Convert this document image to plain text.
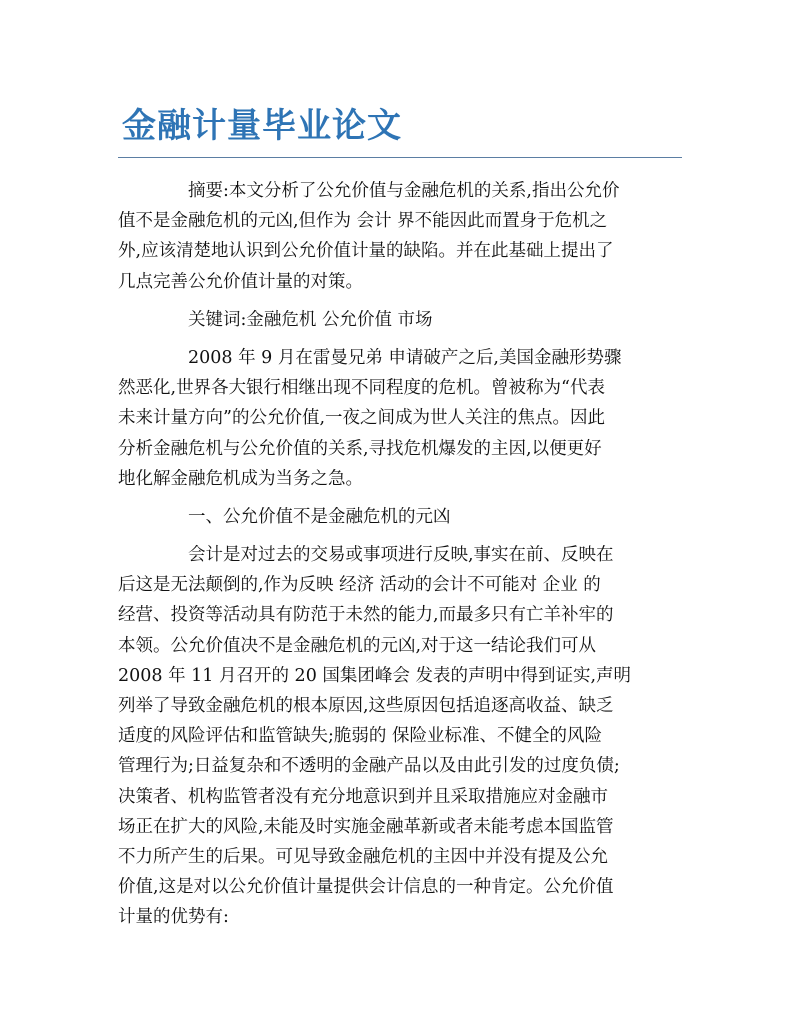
金融计量毕业论文
摘要:本文分析了公允价值与金融危机的关系,指出公允价
值不是金融危机的元凶,但作为 会计 界不能因此而置身于危机之
外,应该清楚地认识到公允价值计量的缺陷。并在此基础上提出了
几点完善公允价值计量的对策。
关键词:金融危机 公允价值 市场
2008 年 9 月在雷曼兄弟 申请破产之后,美国金融形势骤
然恶化,世界各大银行相继出现不同程度的危机。曾被称为“代表
未来计量方向”的公允价值,一夜之间成为世人关注的焦点。因此
分析金融危机与公允价值的关系,寻找危机爆发的主因,以便更好
地化解金融危机成为当务之急。
一、公允价值不是金融危机的元凶
会计是对过去的交易或事项进行反映,事实在前、反映在
后这是无法颠倒的,作为反映 经济 活动的会计不可能对 企业 的
经营、投资等活动具有防范于未然的能力,而最多只有亡羊补牢的
本领。公允价值决不是金融危机的元凶,对于这一结论我们可从
2008 年 11 月召开的 20 国集团峰会 发表的声明中得到证实,声明
列举了导致金融危机的根本原因,这些原因包括追逐高收益、缺乏
适度的风险评估和监管缺失;脆弱的 保险业标准、不健全的风险
管理行为;日益复杂和不透明的金融产品以及由此引发的过度负债;
决策者、机构监管者没有充分地意识到并且采取措施应对金融市
场正在扩大的风险,未能及时实施金融革新或者未能考虑本国监管
不力所产生的后果。可见导致金融危机的主因中并没有提及公允
价值,这是对以公允价值计量提供会计信息的一种肯定。公允价值
计量的优势有:
